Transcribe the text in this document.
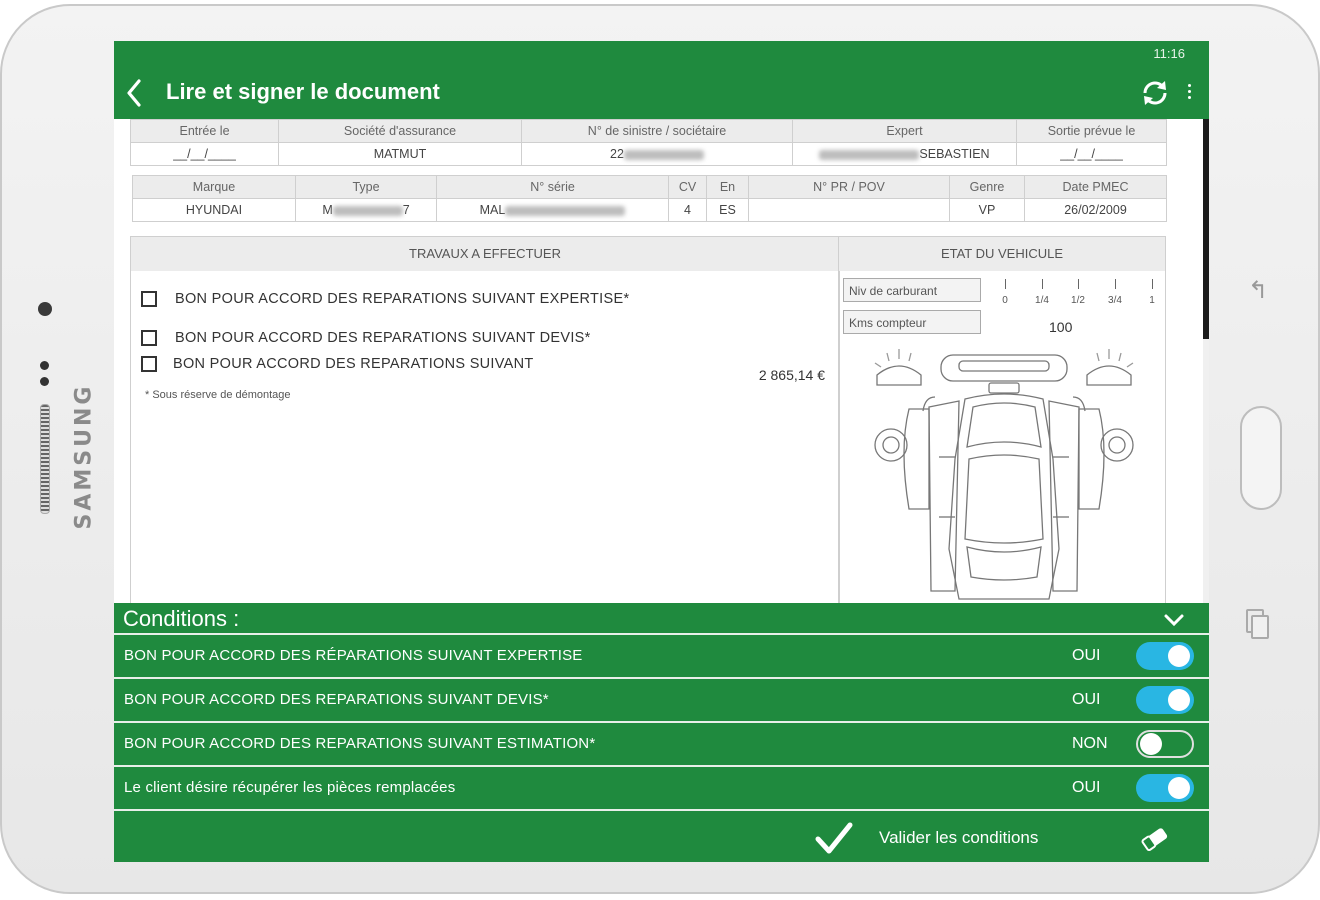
SAMSUNG
↰
11:16
Lire et signer le document
Entrée le	Société d'assurance	N° de sinistre / sociétaire	Expert	Sortie prévue le
__/__/____	MATMUT	22	SEBASTIEN	__/__/____
Marque	Type	N° série	CV	En	N° PR / POV	Genre	Date PMEC
HYUNDAI	M 7	MAL	4	ES		VP	26/02/2009
TRAVAUX A EFFECTUER
BON POUR ACCORD DES REPARATIONS SUIVANT EXPERTISE*
BON POUR ACCORD DES REPARATIONS SUIVANT DEVIS*
BON POUR ACCORD DES REPARATIONS SUIVANT
2 865,14 €
* Sous réserve de démontage
ETAT DU VEHICULE
Niv de carburant
0	1/4	1/2	3/4	1
Kms compteur	100
Conditions :
BON POUR ACCORD DES RÉPARATIONS SUIVANT EXPERTISE	OUI
BON POUR ACCORD DES REPARATIONS SUIVANT DEVIS*	OUI
BON POUR ACCORD DES REPARATIONS SUIVANT ESTIMATION*	NON
Le client désire récupérer les pièces remplacées	OUI
Valider les conditions
